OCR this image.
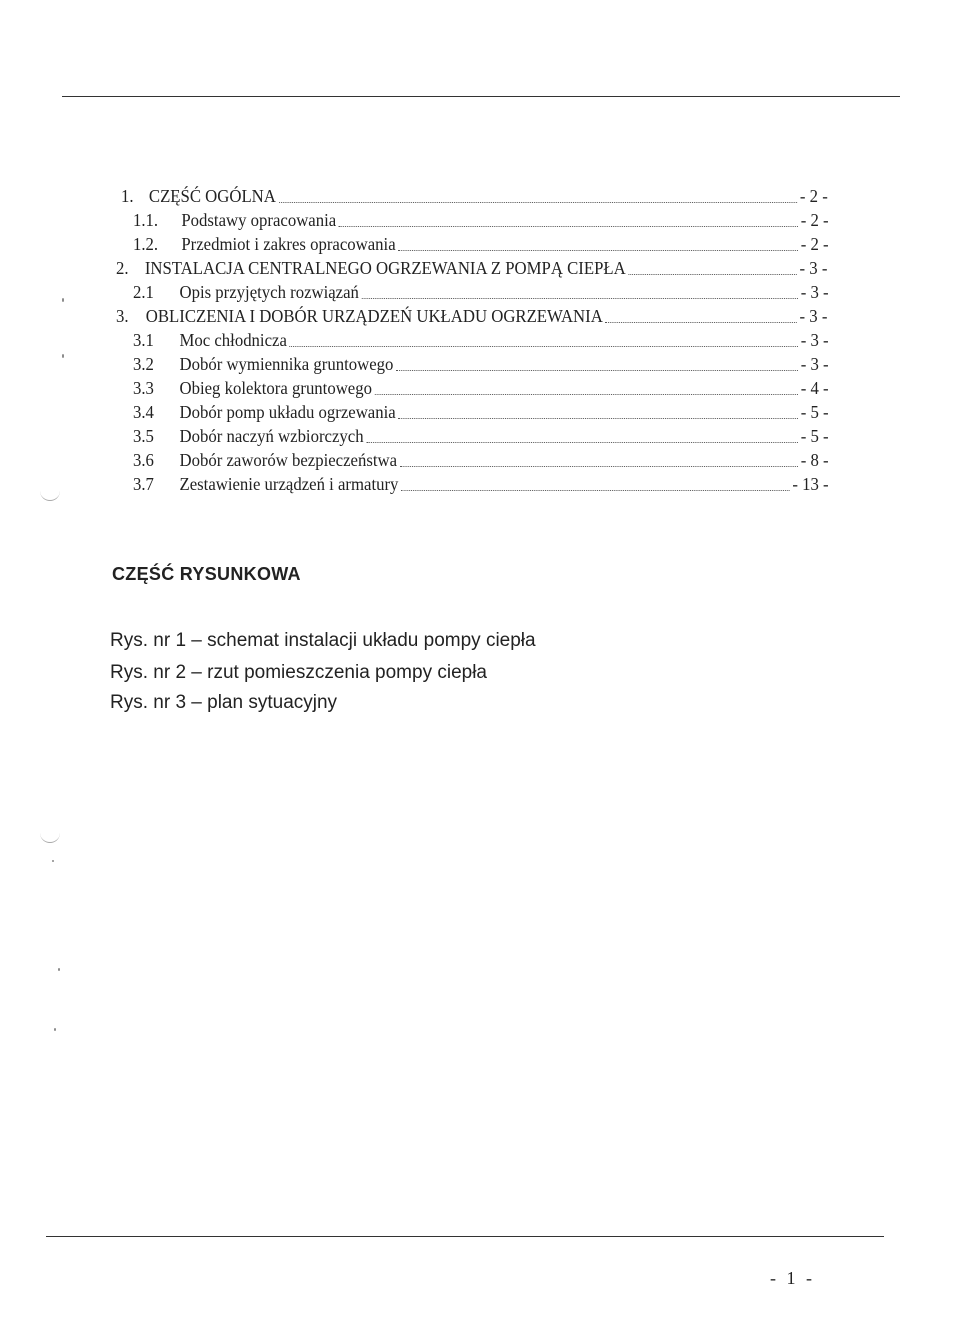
1. CZĘŚĆ OGÓLNA	- 2 -
1.1.	Podstawy opracowania	- 2 -
1.2.	Przedmiot i zakres opracowania	- 2 -
2. INSTALACJA CENTRALNEGO OGRZEWANIA Z POMPĄ CIEPŁA	- 3 -
2.1	Opis przyjętych rozwiązań	- 3 -
3. OBLICZENIA I DOBÓR URZĄDZEŃ UKŁADU OGRZEWANIA	- 3 -
3.1	Moc chłodnicza	- 3 -
3.2	Dobór wymiennika gruntowego	- 3 -
3.3	Obieg kolektora gruntowego	- 4 -
3.4	Dobór pomp układu ogrzewania	- 5 -
3.5	Dobór naczyń wzbiorczych	- 5 -
3.6	Dobór zaworów bezpieczeństwa	- 8 -
3.7	Zestawienie urządzeń i armatury	- 13 -
CZĘŚĆ RYSUNKOWA
Rys. nr 1 – schemat instalacji układu pompy ciepła
Rys. nr 2 – rzut pomieszczenia pompy ciepła
Rys. nr 3 – plan sytuacyjny
- 1 -
